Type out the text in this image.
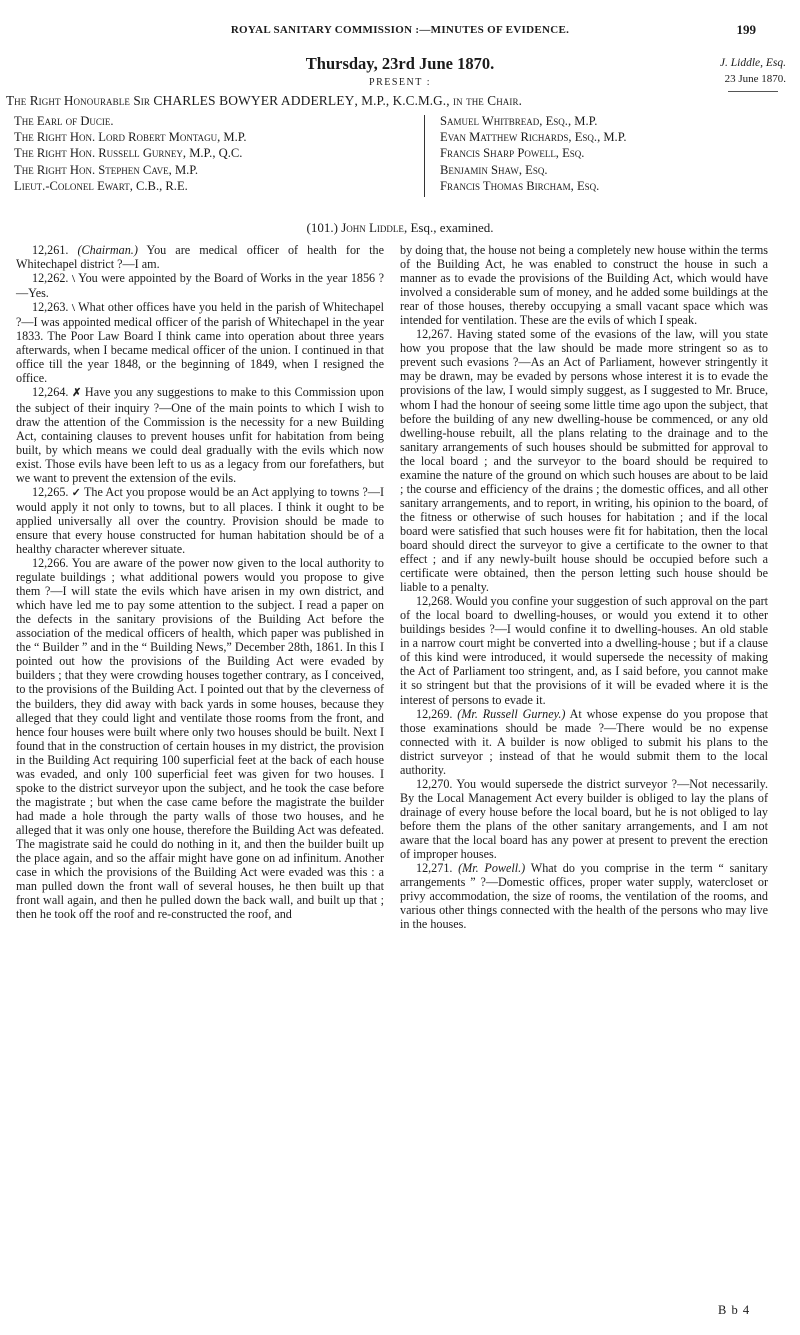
ROYAL SANITARY COMMISSION :—MINUTES OF EVIDENCE.	199
Thursday, 23rd June 1870.	J. Liddle, Esq.
23 June 1870.
PRESENT :
The Right Honourable Sir CHARLES BOWYER ADDERLEY, M.P., K.C.M.G., in the Chair.
The Earl of Ducie.
The Right Hon. Lord Robert Montagu, M.P.
The Right Hon. Russell Gurney, M.P., Q.C.
The Right Hon. Stephen Cave, M.P.
Lieut.-Colonel Ewart, C.B., R.E.
Samuel Whitbread, Esq., M.P.
Evan Matthew Richards, Esq., M.P.
Francis Sharp Powell, Esq.
Benjamin Shaw, Esq.
Francis Thomas Bircham, Esq.
(101.) John Liddle, Esq., examined.

12,261. (Chairman.) You are medical officer of health for the Whitechapel district ?—I am.

12,262. \ You were appointed by the Board of Works in the year 1856 ?—Yes.

12,263. \ What other offices have you held in the parish of Whitechapel ?—I was appointed medical officer of the parish of Whitechapel in the year 1833. The Poor Law Board I think came into operation about three years afterwards, when I became medical officer of the union. I continued in that office till the year 1848, or the beginning of 1849, when I resigned the office.

12,264. ✗ Have you any suggestions to make to this Commission upon the subject of their inquiry ?—One of the main points to which I wish to draw the attention of the Commission is the necessity for a new Building Act, containing clauses to prevent houses unfit for habitation from being built, by which means we could deal gradually with the evils which now exist. Those evils have been left to us as a legacy from our forefathers, but we want to prevent the extension of the evils.

12,265. ✓ The Act you propose would be an Act applying to towns ?—I would apply it not only to towns, but to all places. I think it ought to be applied universally all over the country. Provision should be made to ensure that every house constructed for human habitation should be of a healthy character wherever situate.

12,266. You are aware of the power now given to the local authority to regulate buildings ; what additional powers would you propose to give them ?—I will state the evils which have arisen in my own district, and which have led me to pay some attention to the subject. I read a paper on the defects in the sanitary provisions of the Building Act before the association of the medical officers of health, which paper was published in the “ Builder ” and in the “ Building News,” December 28th, 1861. In this I pointed out how the provisions of the Building Act were evaded by builders ; that they were crowding houses together contrary, as I conceived, to the provisions of the Building Act. I pointed out that by the cleverness of the builders, they did away with back yards in some houses, because they alleged that they could light and ventilate those rooms from the front, and hence four houses were built where only two houses should be built. Next I found that in the construction of certain houses in my district, the provision in the Building Act requiring 100 superficial feet at the back of each house was evaded, and only 100 superficial feet was given for two houses. I spoke to the district surveyor upon the subject, and he took the case before the magistrate ; but when the case came before the magistrate the builder had made a hole through the party walls of those two houses, and he alleged that it was only one house, therefore the Building Act was defeated. The magistrate said he could do nothing in it, and then the builder built up the place again, and so the affair might have gone on ad infinitum. Another case in which the provisions of the Building Act were evaded was this : a man pulled down the front wall of several houses, he then built up that front wall again, and then he pulled down the back wall, and built up that ; then he took off the roof and re-constructed the roof, and

by doing that, the house not being a completely new house within the terms of the Building Act, he was enabled to construct the house in such a manner as to evade the provisions of the Building Act, which would have involved a considerable sum of money, and he added some buildings at the rear of those houses, thereby occupying a small vacant space which was intended for ventilation. These are the evils of which I speak.

12,267. Having stated some of the evasions of the law, will you state how you propose that the law should be made more stringent so as to prevent such evasions ?—As an Act of Parliament, however stringently it may be drawn, may be evaded by persons whose interest it is to evade the provisions of the law, I would simply suggest, as I suggested to Mr. Bruce, whom I had the honour of seeing some little time ago upon the subject, that before the building of any new dwelling-house be commenced, or any old dwelling-house rebuilt, all the plans relating to the drainage and to the sanitary arrangements of such houses should be submitted for approval to the local board ; and the surveyor to the board should be required to examine the nature of the ground on which such houses are about to be laid ; the course and efficiency of the drains ; the domestic offices, and all other sanitary arrangements, and to report, in writing, his opinion to the board, of the fitness or otherwise of such houses for habitation ; and if the local board were satisfied that such houses were fit for habitation, then the local board should direct the surveyor to give a certificate to the owner to that effect ; and if any newly-built house should be occupied before such a certificate were obtained, then the person letting such house should be liable to a penalty.

12,268. Would you confine your suggestion of such approval on the part of the local board to dwelling-houses, or would you extend it to other buildings besides ?—I would confine it to dwelling-houses. An old stable in a narrow court might be converted into a dwelling-house ; but if a clause of this kind were introduced, it would supersede the necessity of making the Act of Parliament too stringent, and, as I said before, you cannot make it so stringent but that the provisions of it will be evaded where it is the interest of persons to evade it.

12,269. (Mr. Russell Gurney.) At whose expense do you propose that those examinations should be made ?—There would be no expense connected with it. A builder is now obliged to submit his plans to the district surveyor ; instead of that he would submit them to the local authority.

12,270. You would supersede the district surveyor ?—Not necessarily. By the Local Management Act every builder is obliged to lay the plans of drainage of every house before the local board, but he is not obliged to lay before them the plans of the other sanitary arrangements, and I am not aware that the local board has any power at present to prevent the erection of improper houses.

12,271. (Mr. Powell.) What do you comprise in the term “ sanitary arrangements ” ?—Domestic offices, proper water supply, watercloset or privy accommodation, the size of rooms, the ventilation of the rooms, and various other things connected with the health of the persons who may live in the houses.

B b 4
